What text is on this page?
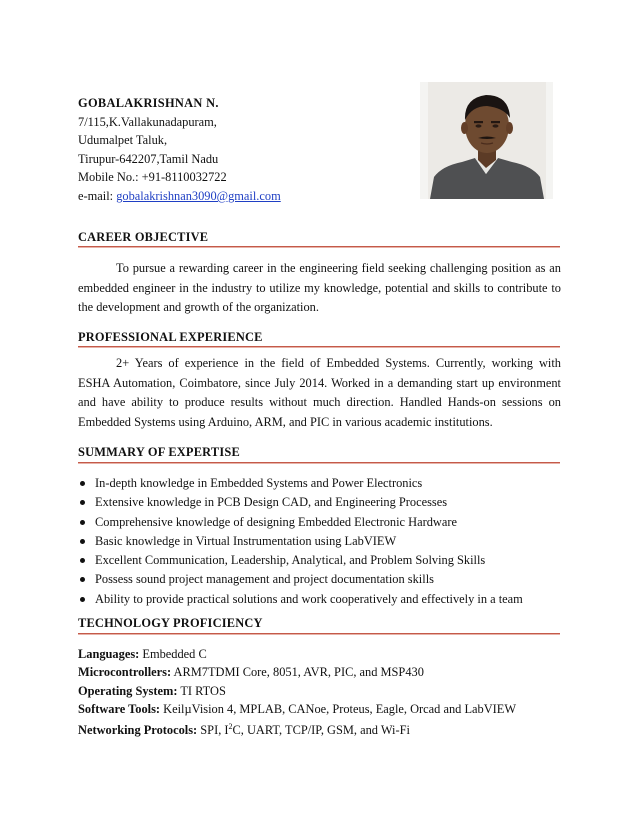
GOBALAKRISHNAN N.
7/115,K.Vallakunadapuram,
Udumalpet Taluk,
Tirupur-642207,Tamil Nadu
Mobile No.: +91-8110032722
e-mail: gobalakrishnan3090@gmail.com
CAREER OBJECTIVE
To pursue a rewarding career in the engineering field seeking challenging position as an embedded engineer in the industry to utilize my knowledge, potential and skills to contribute to the development and growth of the organization.
PROFESSIONAL EXPERIENCE
2+ Years of experience in the field of Embedded Systems. Currently, working with ESHA Automation, Coimbatore, since July 2014. Worked in a demanding start up environment and have ability to produce results without much direction. Handled Hands-on sessions on Embedded Systems using Arduino, ARM, and PIC in various academic institutions.
SUMMARY OF EXPERTISE
In-depth knowledge in Embedded Systems and Power Electronics
Extensive knowledge in PCB Design CAD, and Engineering Processes
Comprehensive knowledge of designing Embedded Electronic Hardware
Basic knowledge in Virtual Instrumentation using LabVIEW
Excellent Communication, Leadership, Analytical, and Problem Solving Skills
Possess sound project management and project documentation skills
Ability to provide practical solutions and work cooperatively and effectively in a team
TECHNOLOGY PROFICIENCY
Languages: Embedded C
Microcontrollers: ARM7TDMI Core, 8051, AVR, PIC, and MSP430
Operating System: TI RTOS
Software Tools: KeilµVision 4, MPLAB, CANoe, Proteus, Eagle, Orcad and LabVIEW
Networking Protocols: SPI, $I^2C$, UART, TCP/IP, GSM, and Wi-Fi
